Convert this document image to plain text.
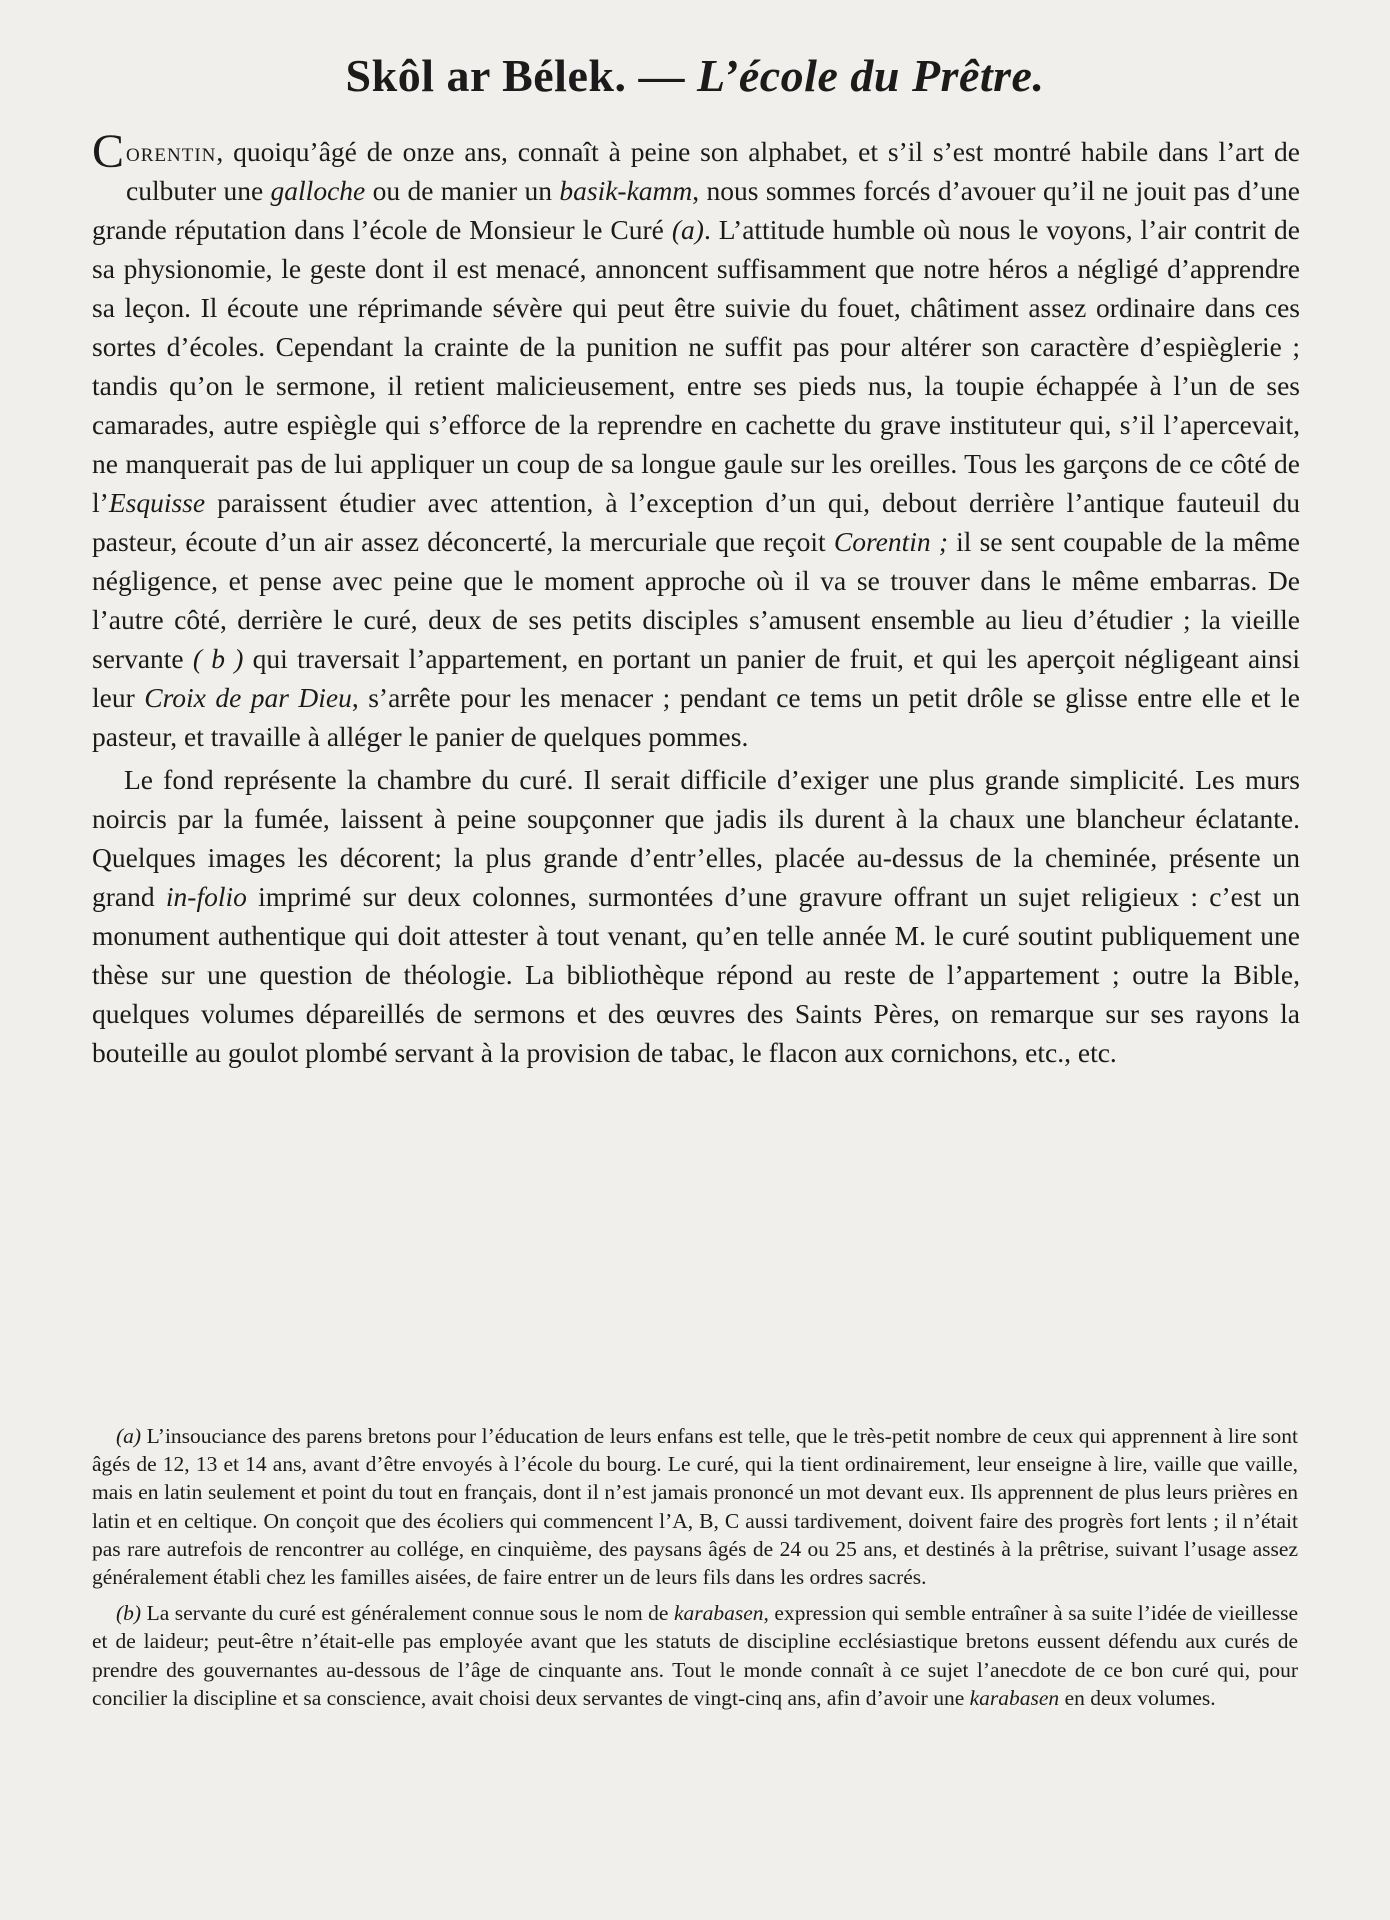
Skôl ar Bélek. — L’école du Prêtre.

Corentin, quoiqu’âgé de onze ans, connaît à peine son alphabet, et s’il s’est montré habile dans l’art de culbuter une galloche ou de manier un basik-kamm, nous sommes forcés d’avouer qu’il ne jouit pas d’une grande réputation dans l’école de Monsieur le Curé (a). L’attitude humble où nous le voyons, l’air contrit de sa physionomie, le geste dont il est menacé, annoncent suffisamment que notre héros a négligé d’apprendre sa leçon. Il écoute une réprimande sévère qui peut être suivie du fouet, châtiment assez ordinaire dans ces sortes d’écoles. Cependant la crainte de la punition ne suffit pas pour altérer son caractère d’espièglerie ; tandis qu’on le sermone, il retient malicieusement, entre ses pieds nus, la toupie échappée à l’un de ses camarades, autre espiègle qui s’efforce de la reprendre en cachette du grave instituteur qui, s’il l’apercevait, ne manquerait pas de lui appliquer un coup de sa longue gaule sur les oreilles. Tous les garçons de ce côté de l’Esquisse paraissent étudier avec attention, à l’exception d’un qui, debout derrière l’antique fauteuil du pasteur, écoute d’un air assez déconcerté, la mercuriale que reçoit Corentin ; il se sent coupable de la même négligence, et pense avec peine que le moment approche où il va se trouver dans le même embarras. De l’autre côté, derrière le curé, deux de ses petits disciples s’amusent ensemble au lieu d’étudier ; la vieille servante ( b ) qui traversait l’appartement, en portant un panier de fruit, et qui les aperçoit négligeant ainsi leur Croix de par Dieu, s’arrête pour les menacer ; pendant ce tems un petit drôle se glisse entre elle et le pasteur, et travaille à alléger le panier de quelques pommes.

Le fond représente la chambre du curé. Il serait difficile d’exiger une plus grande simplicité. Les murs noircis par la fumée, laissent à peine soupçonner que jadis ils durent à la chaux une blancheur éclatante. Quelques images les décorent; la plus grande d’entr’elles, placée au-dessus de la cheminée, présente un grand in-folio imprimé sur deux colonnes, surmontées d’une gravure offrant un sujet religieux : c’est un monument authentique qui doit attester à tout venant, qu’en telle année M. le curé soutint publiquement une thèse sur une question de théologie. La bibliothèque répond au reste de l’appartement ; outre la Bible, quelques volumes dépareillés de sermons et des œuvres des Saints Pères, on remarque sur ses rayons la bouteille au goulot plombé servant à la provision de tabac, le flacon aux cornichons, etc., etc.

(a) L’insouciance des parens bretons pour l’éducation de leurs enfans est telle, que le très-petit nombre de ceux qui apprennent à lire sont âgés de 12, 13 et 14 ans, avant d’être envoyés à l’école du bourg. Le curé, qui la tient ordinairement, leur enseigne à lire, vaille que vaille, mais en latin seulement et point du tout en français, dont il n’est jamais prononcé un mot devant eux. Ils apprennent de plus leurs prières en latin et en celtique. On conçoit que des écoliers qui commencent l’A, B, C aussi tardivement, doivent faire des progrès fort lents ; il n’était pas rare autrefois de rencontrer au collége, en cinquième, des paysans âgés de 24 ou 25 ans, et destinés à la prêtrise, suivant l’usage assez généralement établi chez les familles aisées, de faire entrer un de leurs fils dans les ordres sacrés.

(b) La servante du curé est généralement connue sous le nom de karabasen, expression qui semble entraîner à sa suite l’idée de vieillesse et de laideur; peut-être n’était-elle pas employée avant que les statuts de discipline ecclésiastique bretons eussent défendu aux curés de prendre des gouvernantes au-dessous de l’âge de cinquante ans. Tout le monde connaît à ce sujet l’anecdote de ce bon curé qui, pour concilier la discipline et sa conscience, avait choisi deux servantes de vingt-cinq ans, afin d’avoir une karabasen en deux volumes.
